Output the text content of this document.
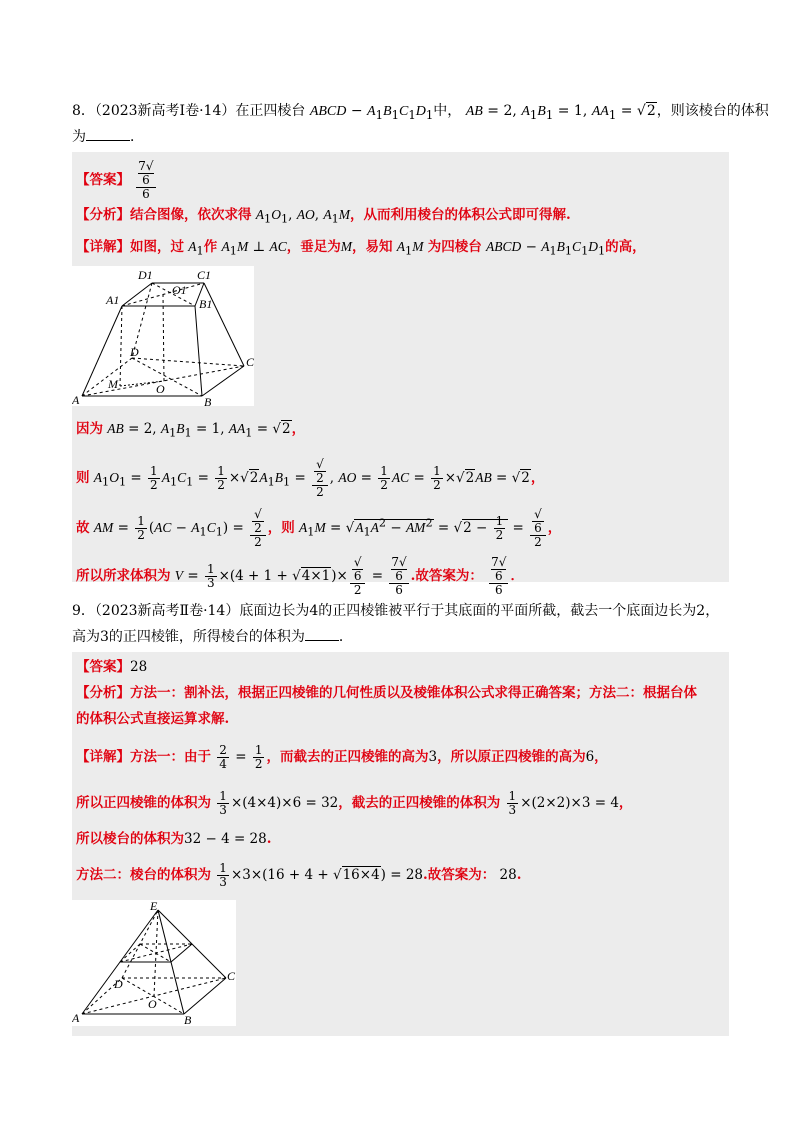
8．（2023新高考Ⅰ卷·14）在正四棱台 ABCD − $A_1B_1C_1D_1$中， AB = 2, $A_1B_1 = 1$, $AA_1 = √2$，则该棱台的体积
为	．
【答案】 7√
6
6
【分析】结合图像，依次求得 $A_1O_1$, AO, $A_1M$，从而利用棱台的体积公式即可得解.
【详解】如图，过 $A_1$作 $A_1M$ ⊥ AC，垂足为M，易知 $A_1M$ 为四棱台 ABCD − $A_1B_1C_1D_1$的高，
D1	C1
A1
O1
B1
D
C
M	O
A	B
因为 AB = 2, $A_1B_1 = 1$, $AA_1 = √2$，
则 $A_1O_1 = \frac{1}{2} A_1C_1 = \frac{1}{2} \times√2A_1B_1$ = √
2
2 , AO = $\frac{1}{2}$ AC = $\frac{1}{2} \times√2AB = √2$，
故 AM = $\frac{1}{2} (AC - A_1C_1)$ = √
2
2 ，则 $A_1M = √A_1A^2 - AM^2 = √2 - \frac{1}{2}$ = √
6
2 ，
所以所求体积为 $V = \frac{1}{3} \times(4 + 1 + √4\times 1)\times$ √
6
2 = 7√
6
6 .故答案为： 7√
6
6 ．
9．（2023新高考Ⅱ卷·14）底面边长为4的正四棱锥被平行于其底面的平面所截，截去一个底面边长为2，
高为3的正四棱锥，所得棱台的体积为 ．
【答案】28
【分析】方法一：割补法，根据正四棱锥的几何性质以及棱锥体积公式求得正确答案；方法二：根据台体
的体积公式直接运算求解.
【详解】方法一：由于 $\frac{2}{4} = \frac{1}{2}$ ，而截去的正四棱锥的高为3，所以原正四棱锥的高为6，
所以正四棱锥的体积为 $\frac{1}{3} \times(4\times 4)\times 6 = 32$，截去的正四棱锥的体积为 $\frac{1}{3} \times(2\times 2)\times 3 = 4$，
所以棱台的体积为32 − 4 = 28.
方法二：棱台的体积为 $\frac{1}{3} \times 3\times(16 + 4 + √16\times 4) = 28$.故答案为： 28.
E
D
C
O
A	B
